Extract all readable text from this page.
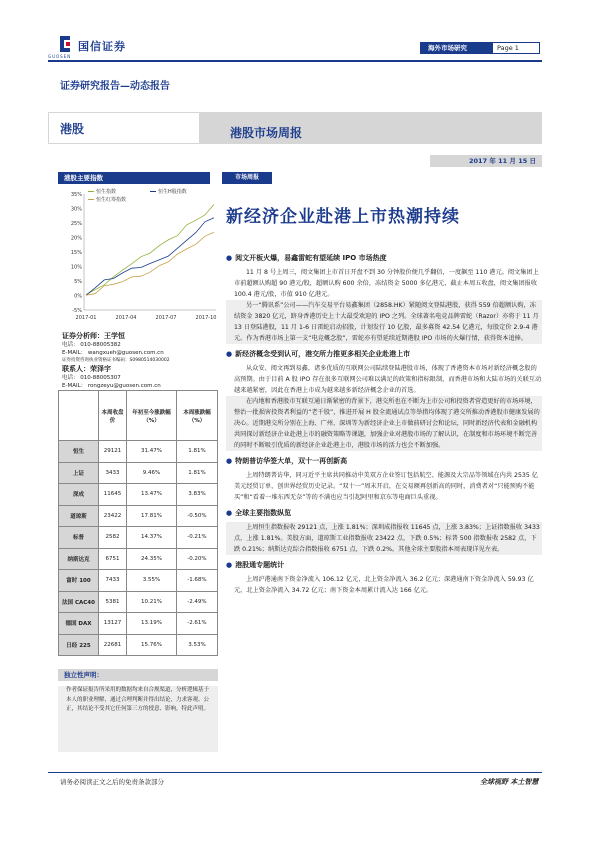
国信证券
GUOSEN
海外市场研究	Page 1
证券研究报告—动态报告
港股	港股市场周报
2017 年 11 月 15 日
港股主要指数
-5%
0%
5%
10%
15%
20%
25%
30%
35%
2017-01	2017-04	2017-07	2017-10
恒生指数	恒生H股指数
恒生红筹指数
证券分析师：王学恒
电话： 010-88005382
E-MAIL： wangxueh@guosen.com.cn
证券投资咨询执业资格证书编码：S0980514030002
联系人：荣泽宇
电话： 010-88005307
E-MAIL： rongzeyu@guosen.com.cn
	本周收盘价	年初至今涨跌幅（%）	本周涨跌幅（%）
恒生	29121	31.47%	1.81%
上证	3433	9.46%	1.81%
深成	11645	13.47%	3.83%
道琼斯	23422	17.81%	-0.50%
标普	2582	14.37%	-0.21%
纳斯达克	6751	24.35%	-0.20%
富时 100	7433	3.55%	-1.68%
法国 CAC40	5381	10.21%	-2.49%
德国 DAX	13127	13.19%	-2.61%
日经 225	22681	15.76%	3.53%
独立性声明：
作者保证报告所采用的数据均来自合规渠道，分析逻辑基于本人的职业理解，通过合理判断并得出结论，力求客观、公正，其结论不受其它任何第三方的授意、影响，特此声明。
市场周报
新经济企业赴港上市热潮持续
● 阅文开板火爆，易鑫雷蛇有望延续 IPO 市场热度

11 月 8 号上周三，阅文集团上市首日开盘不到 30 分钟股价便几乎翻倍，一度飙至 110 港元。阅文集团上市前超额认购超 90 港元/股，超额认购 600 余倍，冻结资金 5000 多亿港元，截止本周五收盘，阅文集团报收 100.4 港元/股，市值 910 亿港元。

另一“腾讯系”公司——汽车交易平台易鑫集团（2858.HK）紧随阅文登陆港股，获得 559 倍超额认购，冻结资金 3820 亿元，跻身香港历史上十大最受欢迎的 IPO 之列。全球著名电竞品牌雷蛇（Razor）亦将于 11 月 13 日登陆港股，11 月 1-6 日雷蛇启动招股，计划发行 10 亿股，最多募资 42.54 亿港元，每股定价 2.9-4 港元。作为香港市场上第一支“电竞概念股”，雷蛇亦有望延续近期港股 IPO 市场的火爆行情，获得资本追捧。

● 新经济概念受到认可，港交所力推更多相关企业赴港上市

从众安、阅文再到易鑫，诸多优质的互联网公司陆续登陆港股市场，体现了香港资本市场对新经济概念股的高预期。由于目前 A 股 IPO 存在很多互联网公司难以满足的政策和指标限制，而香港市场和大陆市场的关联互动越来越紧密，因此在香港上市成为越来越多新经济概念企业的首选。

在内地和香港股市互联互通日渐紧密的背景下，港交所也在不断为上市公司和投资者营造更好的市场环境，整治一批损害投资者利益的“老千股”，推进开展 H 股全流通试点等举措均体现了港交所推动香港股市健康发展的决心。近期港交所分别在上海、广州、深圳等为新经济企业上市做前研讨会和论坛，同时新经济代表和金融机构共同探讨新经济企业赴港上市的融资策略等课题，加强企业对港股市场的了解认识，在制度和市场环境不断完善的同时不断吸引优质的新经济企业赴港上市，港股市场的活力也会不断加强。

● 特朗普访华签大单，双十一再创新高

上周特朗普访华，同习近平主席共同推动中美双方企业签订包括航空、能源及大宗品等领域在内共 2535 亿美元经贸订单，创世界经贸历史记录。“双十一”周末开启，在交易额再创新高的同时，消费者对“只能预购不能买”和“看着一堆东西无奈”等的不满也应当引起阿里和京东等电商巨头重视。

● 全球主要指数纵览

上周恒生指数报收 29121 点，上涨 1.81%；深圳成指报收 11645 点，上涨 3.83%；上证指数报收 3433 点，上涨 1.81%。美股方面，道琼斯工业指数报收 23422 点，下跌 0.5%；标普 500 指数报收 2582 点，下跌 0.21%；纳斯达克综合指数报收 6751 点，下跌 0.2%。其他全球主要股指本周表现详见左表。

● 港股通专题统计

上周沪港通南下资金净流入 106.12 亿元，北上资金净流入 36.2 亿元；深港通南下资金净流入 59.93 亿元，北上资金净流入 34.72 亿元；南下资金本周累计流入达 166 亿元。

请务必阅读正文之后的免责条款部分	全球视野 本土智慧
